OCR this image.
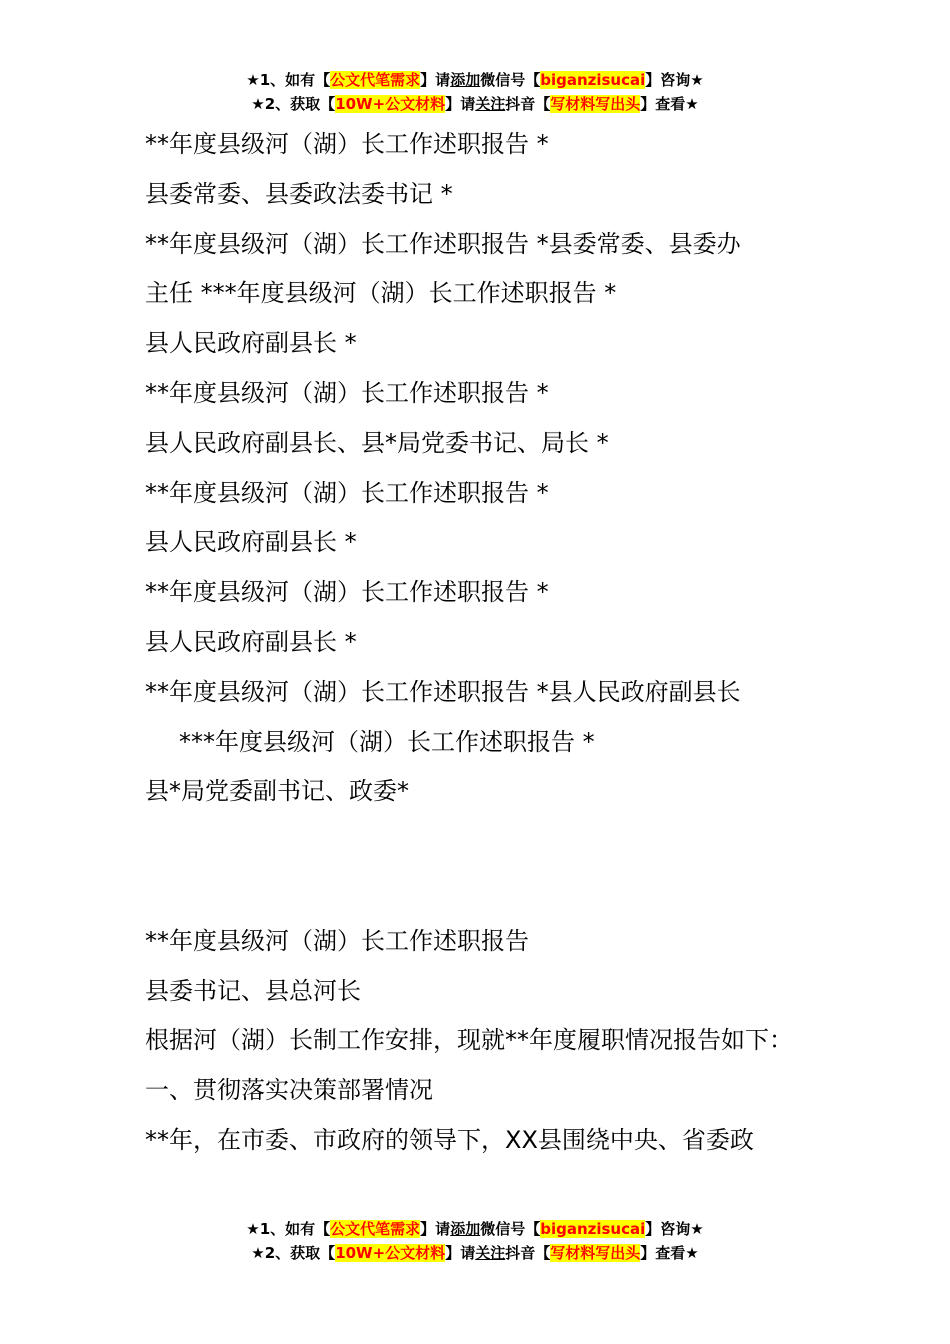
★1、如有【公文代笔需求】请添加微信号【biganzisucai】咨询★
★2、获取【10W+公文材料】请关注抖音【写材料写出头】查看★

**年度县级河（湖）长工作述职报告 *

县委常委、县委政法委书记 *

**年度县级河（湖）长工作述职报告 *县委常委、县委办

主任 ***年度县级河（湖）长工作述职报告 *

县人民政府副县长 *

**年度县级河（湖）长工作述职报告 *

县人民政府副县长、县*局党委书记、局长 *

**年度县级河（湖）长工作述职报告 *

县人民政府副县长 *

**年度县级河（湖）长工作述职报告 *

县人民政府副县长 *

**年度县级河（湖）长工作述职报告 *县人民政府副县长

***年度县级河（湖）长工作述职报告 *

县*局党委副书记、政委*

**年度县级河（湖）长工作述职报告

县委书记、县总河长

根据河（湖）长制工作安排，现就**年度履职情况报告如下：

一、贯彻落实决策部署情况

**年，在市委、市政府的领导下，XX县围绕中央、省委政

★1、如有【公文代笔需求】请添加微信号【biganzisucai】咨询★
★2、获取【10W+公文材料】请关注抖音【写材料写出头】查看★
